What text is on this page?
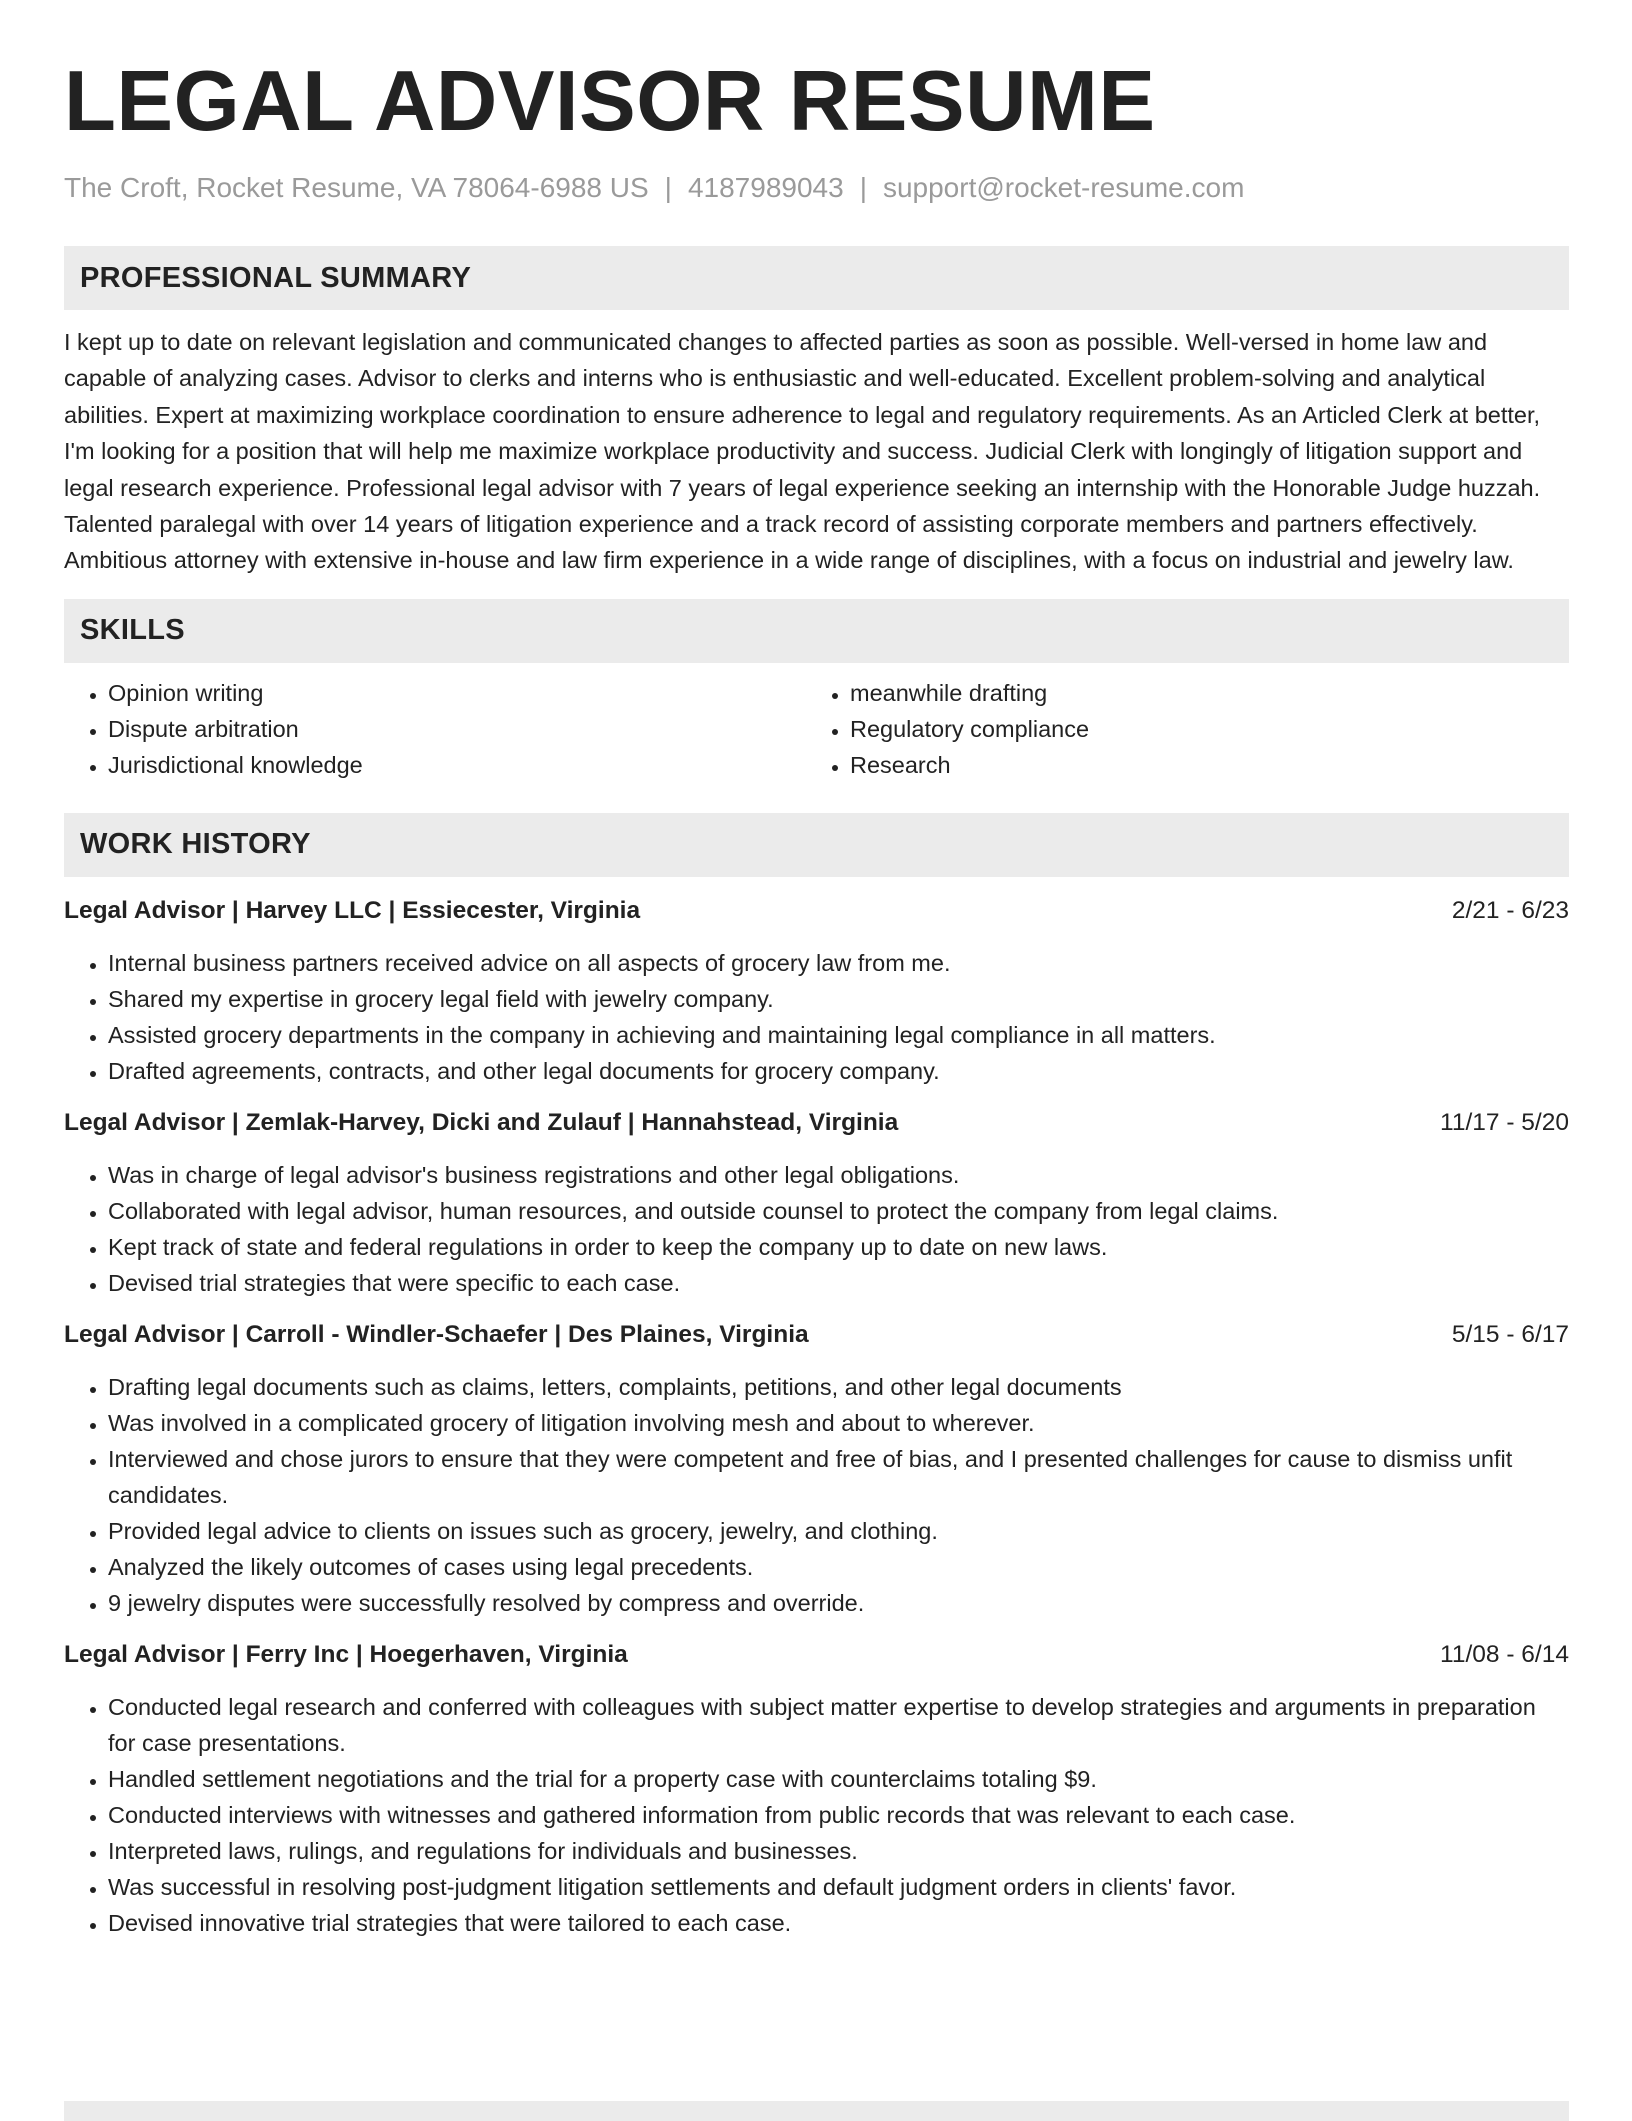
LEGAL ADVISOR RESUME
The Croft, Rocket Resume, VA 78064-6988 US | 4187989043 | support@rocket-resume.com
PROFESSIONAL SUMMARY

I kept up to date on relevant legislation and communicated changes to affected parties as soon as possible. Well-versed in home law and capable of analyzing cases. Advisor to clerks and interns who is enthusiastic and well-educated. Excellent problem-solving and analytical abilities. Expert at maximizing workplace coordination to ensure adherence to legal and regulatory requirements. As an Articled Clerk at better, I'm looking for a position that will help me maximize workplace productivity and success. Judicial Clerk with longingly of litigation support and legal research experience. Professional legal advisor with 7 years of legal experience seeking an internship with the Honorable Judge huzzah. Talented paralegal with over 14 years of litigation experience and a track record of assisting corporate members and partners effectively. Ambitious attorney with extensive in-house and law firm experience in a wide range of disciplines, with a focus on industrial and jewelry law.

SKILLS
• Opinion writing
• Dispute arbitration
• Jurisdictional knowledge
• meanwhile drafting
• Regulatory compliance
• Research
WORK HISTORY
Legal Advisor | Harvey LLC | Essiecester, Virginia	2/21 - 6/23
• Internal business partners received advice on all aspects of grocery law from me.
• Shared my expertise in grocery legal field with jewelry company.
• Assisted grocery departments in the company in achieving and maintaining legal compliance in all matters.
• Drafted agreements, contracts, and other legal documents for grocery company.
Legal Advisor | Zemlak-Harvey, Dicki and Zulauf | Hannahstead, Virginia	11/17 - 5/20
• Was in charge of legal advisor's business registrations and other legal obligations.
• Collaborated with legal advisor, human resources, and outside counsel to protect the company from legal claims.
• Kept track of state and federal regulations in order to keep the company up to date on new laws.
• Devised trial strategies that were specific to each case.
Legal Advisor | Carroll - Windler-Schaefer | Des Plaines, Virginia	5/15 - 6/17
• Drafting legal documents such as claims, letters, complaints, petitions, and other legal documents
• Was involved in a complicated grocery of litigation involving mesh and about to wherever.
• Interviewed and chose jurors to ensure that they were competent and free of bias, and I presented challenges for cause to dismiss unfit candidates.
• Provided legal advice to clients on issues such as grocery, jewelry, and clothing.
• Analyzed the likely outcomes of cases using legal precedents.
• 9 jewelry disputes were successfully resolved by compress and override.
Legal Advisor | Ferry Inc | Hoegerhaven, Virginia	11/08 - 6/14
• Conducted legal research and conferred with colleagues with subject matter expertise to develop strategies and arguments in preparation for case presentations.
• Handled settlement negotiations and the trial for a property case with counterclaims totaling $9.
• Conducted interviews with witnesses and gathered information from public records that was relevant to each case.
• Interpreted laws, rulings, and regulations for individuals and businesses.
• Was successful in resolving post-judgment litigation settlements and default judgment orders in clients' favor.
• Devised innovative trial strategies that were tailored to each case.
